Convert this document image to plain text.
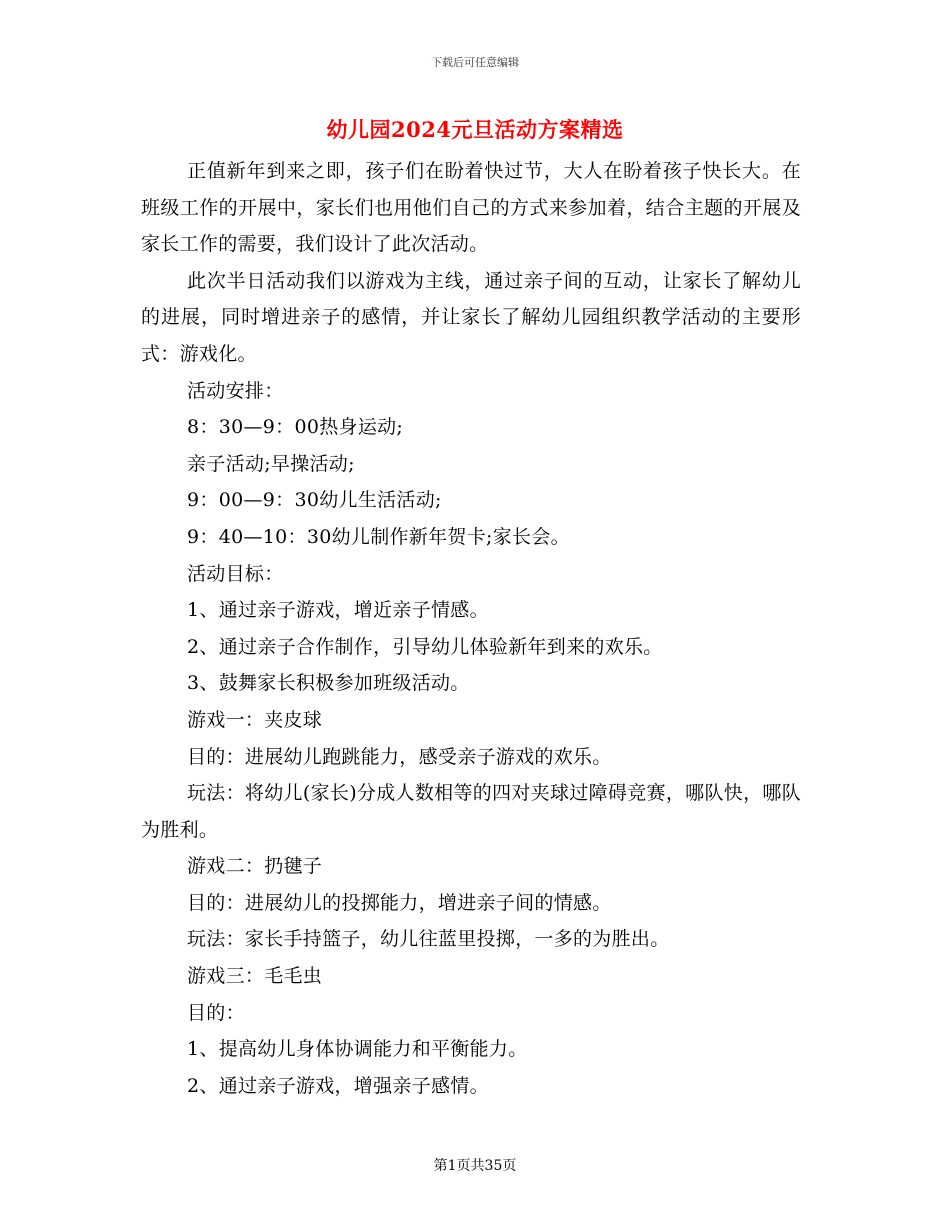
下载后可任意编辑
幼儿园2024元旦活动方案精选

正值新年到来之即，孩子们在盼着快过节，大人在盼着孩子快长大。在班级工作的开展中，家长们也用他们自己的方式来参加着，结合主题的开展及家长工作的需要，我们设计了此次活动。

此次半日活动我们以游戏为主线，通过亲子间的互动，让家长了解幼儿的进展，同时增进亲子的感情，并让家长了解幼儿园组织教学活动的主要形式：游戏化。

活动安排：

8：30—9：00热身运动;

亲子活动;早操活动;

9：00—9：30幼儿生活活动;

9：40—10：30幼儿制作新年贺卡;家长会。

活动目标：

1、通过亲子游戏，增近亲子情感。

2、通过亲子合作制作，引导幼儿体验新年到来的欢乐。

3、鼓舞家长积极参加班级活动。

游戏一：夹皮球

目的：进展幼儿跑跳能力，感受亲子游戏的欢乐。

玩法：将幼儿(家长)分成人数相等的四对夹球过障碍竞赛，哪队快，哪队为胜利。

游戏二：扔毽子

目的：进展幼儿的投掷能力，增进亲子间的情感。

玩法：家长手持篮子，幼儿往蓝里投掷，一多的为胜出。

游戏三：毛毛虫

目的：

1、提高幼儿身体协调能力和平衡能力。

2、通过亲子游戏，增强亲子感情。

第1页共35页
